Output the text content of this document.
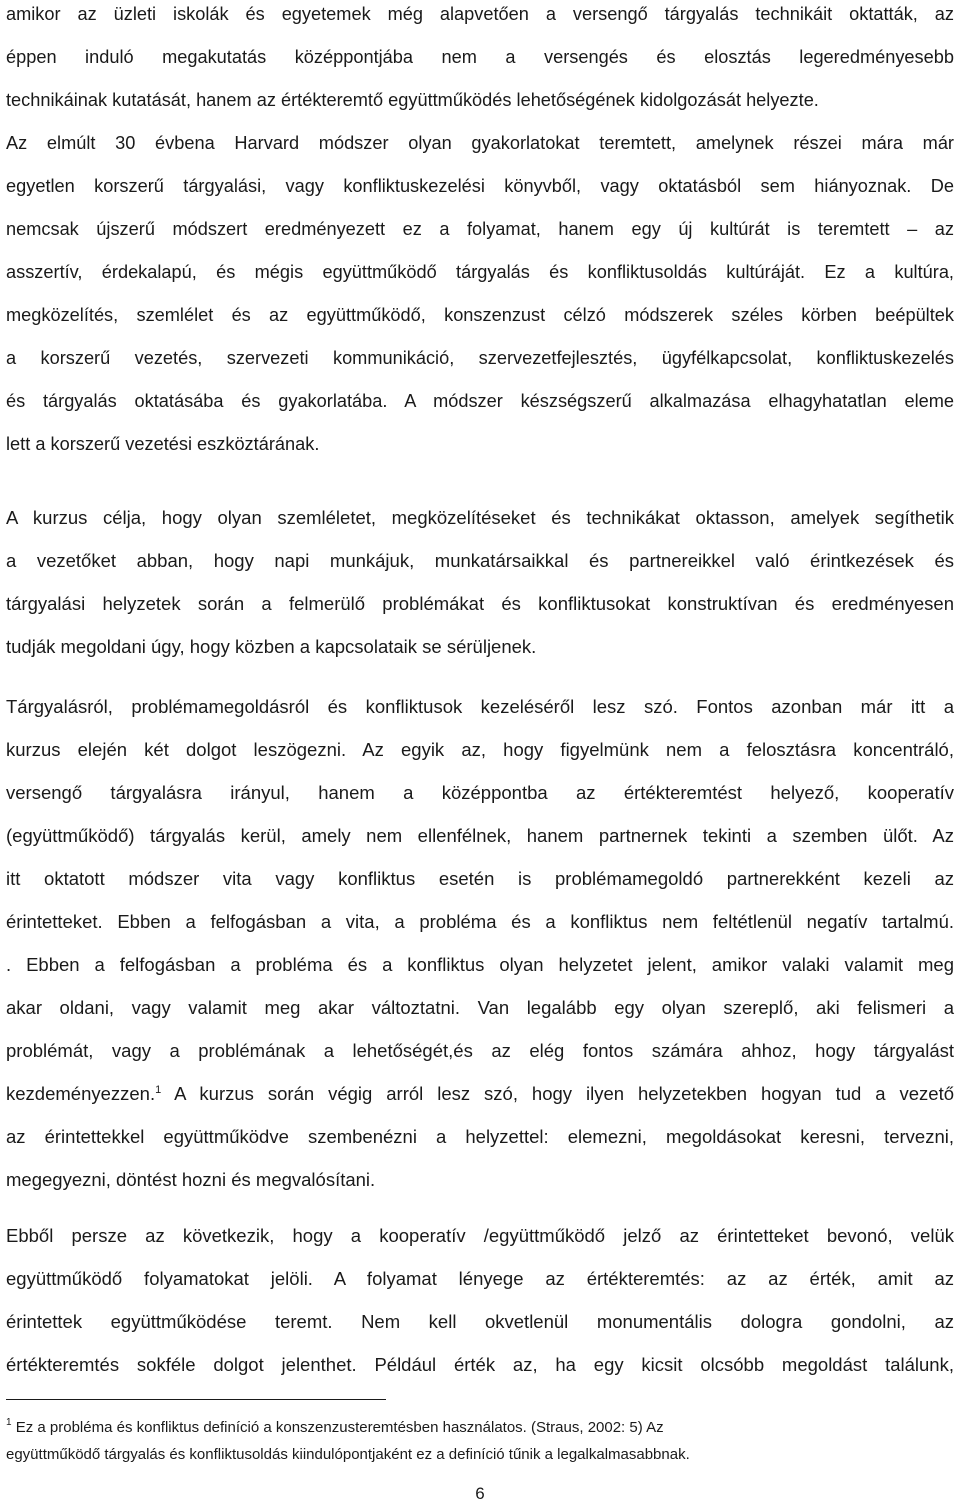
amikor az üzleti iskolák és egyetemek még alapvetően a versengő tárgyalás technikáit oktatták, az
éppen induló megakutatás középpontjába nem a versengés és elosztás legeredményesebb
technikáinak kutatását, hanem az értékteremtő együttműködés lehetőségének kidolgozását helyezte.
Az elmúlt 30 évbena Harvard módszer olyan gyakorlatokat teremtett, amelynek részei mára már
egyetlen korszerű tárgyalási, vagy konfliktuskezelési könyvből, vagy oktatásból sem hiányoznak. De
nemcsak újszerű módszert eredményezett ez a folyamat, hanem egy új kultúrát is teremtett – az
asszertív, érdekalapú, és mégis együttműködő tárgyalás és konfliktusoldás kultúráját. Ez a kultúra,
megközelítés, szemlélet és az együttműködő, konszenzust célzó módszerek széles körben beépültek
a korszerű vezetés, szervezeti kommunikáció, szervezetfejlesztés, ügyfélkapcsolat, konfliktuskezelés
és tárgyalás oktatásába és gyakorlatába. A módszer készségszerű alkalmazása elhagyhatatlan eleme
lett a korszerű vezetési eszköztárának.
A kurzus célja, hogy olyan szemléletet, megközelítéseket és technikákat oktasson, amelyek segíthetik
a vezetőket abban, hogy napi munkájuk, munkatársaikkal és partnereikkel való érintkezések és
tárgyalási helyzetek során a felmerülő problémákat és konfliktusokat konstruktívan és eredményesen
tudják megoldani úgy, hogy közben a kapcsolataik se sérüljenek.
Tárgyalásról, problémamegoldásról és konfliktusok kezeléséről lesz szó. Fontos azonban már itt a
kurzus elején két dolgot leszögezni. Az egyik az, hogy figyelmünk nem a felosztásra koncentráló,
versengő tárgyalásra irányul, hanem a középpontba az értékteremtést helyező, kooperatív
(együttműködő) tárgyalás kerül, amely nem ellenfélnek, hanem partnernek tekinti a szemben ülőt. Az
itt oktatott módszer vita vagy konfliktus esetén is problémamegoldó partnerekként kezeli az
érintetteket. Ebben a felfogásban a vita, a probléma és a konfliktus nem feltétlenül negatív tartalmú.
. Ebben a felfogásban a probléma és a konfliktus olyan helyzetet jelent, amikor valaki valamit meg
akar oldani, vagy valamit meg akar változtatni. Van legalább egy olyan szereplő, aki felismeri a
problémát, vagy a problémának a lehetőségét,és az elég fontos számára ahhoz, hogy tárgyalást
kezdeményezzen.$^1$ A kurzus során végig arról lesz szó, hogy ilyen helyzetekben hogyan tud a vezető
az érintettekkel együttműködve szembenézni a helyzettel: elemezni, megoldásokat keresni, tervezni,
megegyezni, döntést hozni és megvalósítani.
Ebből persze az következik, hogy a kooperatív /együttműködő jelző az érintetteket bevonó, velük
együttműködő folyamatokat jelöli. A folyamat lényege az értékteremtés: az az érték, amit az
érintettek együttműködése teremt. Nem kell okvetlenül monumentális dologra gondolni, az
értékteremtés sokféle dolgot jelenthet. Például érték az, ha egy kicsit olcsóbb megoldást találunk,
$^1$ Ez a probléma és konfliktus definíció a konszenzusteremtésben használatos. (Straus, 2002: 5) Az
együttműködő tárgyalás és konfliktusoldás kiindulópontjaként ez a definíció tűnik a legalkalmasabbnak.
6
